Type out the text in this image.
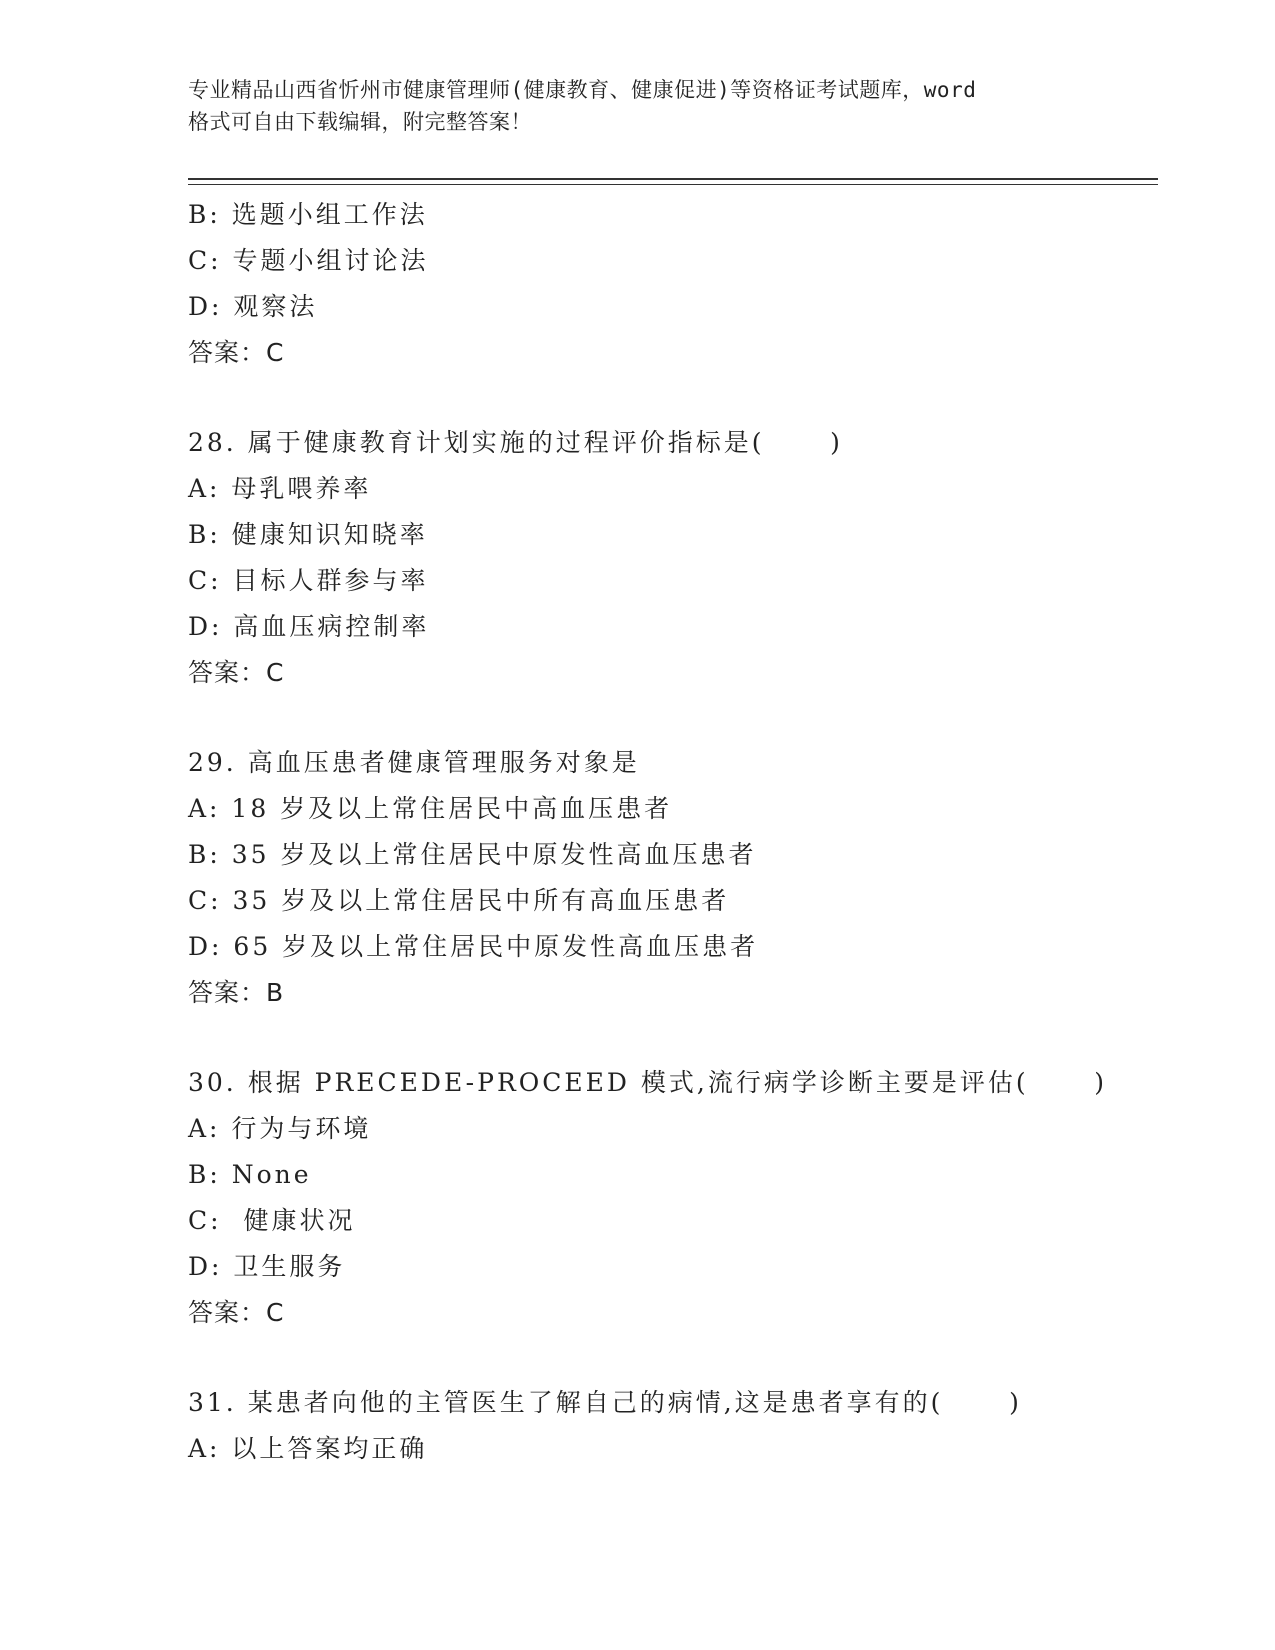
专业精品山西省忻州市健康管理师(健康教育、健康促进)等资格证考试题库，word
格式可自由下载编辑，附完整答案！
B: 选题小组工作法
C: 专题小组讨论法
D: 观察法
答案：C
28. 属于健康教育计划实施的过程评价指标是(      )
A: 母乳喂养率
B: 健康知识知晓率
C: 目标人群参与率
D: 高血压病控制率
答案：C
29. 高血压患者健康管理服务对象是
A: 18 岁及以上常住居民中高血压患者
B: 35 岁及以上常住居民中原发性高血压患者
C: 35 岁及以上常住居民中所有高血压患者
D: 65 岁及以上常住居民中原发性高血压患者
答案：B
30. 根据 PRECEDE-PROCEED 模式,流行病学诊断主要是评估(      )
A: 行为与环境
B: None
C:  健康状况
D: 卫生服务
答案：C
31. 某患者向他的主管医生了解自己的病情,这是患者享有的(      )
A: 以上答案均正确
